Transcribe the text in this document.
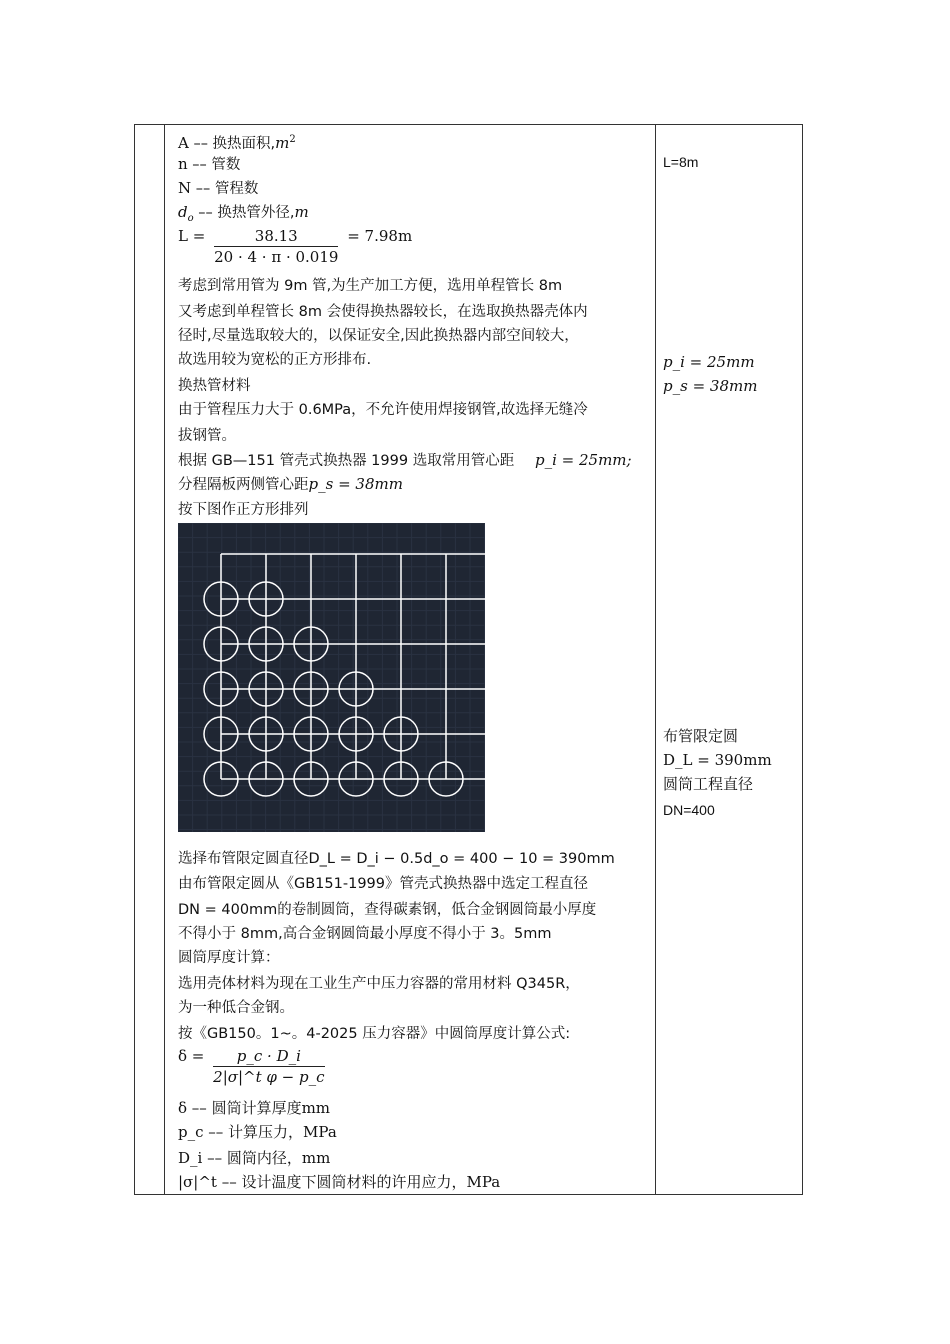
A –– 换热面积$,m^2$
n –– 管数
N –– 管程数
$d_o$ –– 换热管外径,m
$L = \frac{38.13}{20 \cdot 4 \cdot \pi \cdot 0.019} = 7.98m$
考虑到常用管为 9m 管,为生产加工方便，选用单程管长 8m
又考虑到单程管长 8m 会使得换热器较长，在选取换热器壳体内
径时,尽量选取较大的，以保证安全,因此换热器内部空间较大，
故选用较为宽松的正方形排布.
换热管材料
由于管程压力大于 0.6MPa，不允许使用焊接钢管,故选择无缝冷
拔钢管。
根据 GB—151 管壳式换热器 1999 选取常用管心距 p_i = 25mm;
分程隔板两侧管心距p_s = 38mm
按下图作正方形排列
选择布管限定圆直径D_L = D_i − 0.5d_o = 400 − 10 = 390mm
由布管限定圆从《GB151-1999》管壳式换热器中选定工程直径
DN = 400mm的卷制圆筒，查得碳素钢，低合金钢圆筒最小厚度
不得小于 8mm,高合金钢圆筒最小厚度不得小于 3。5mm
圆筒厚度计算：
选用壳体材料为现在工业生产中压力容器的常用材料 Q345R，
为一种低合金钢。
按《GB150。1~。4-2025 压力容器》中圆筒厚度计算公式:
$\delta = \frac{p\_c \cdot D\_i}{\text{2|σ|\textasciicircum{}t φ − p\_c}}$
δ –– 圆筒计算厚度mm
p_c –– 计算压力，MPa
D_i –– 圆筒内径，mm
|σ|^t –– 设计温度下圆筒材料的许用应力，MPa
L=8m
p_i = 25mm
p_s = 38mm
布管限定圆
D_L = 390mm
圆筒工程直径
DN=400
